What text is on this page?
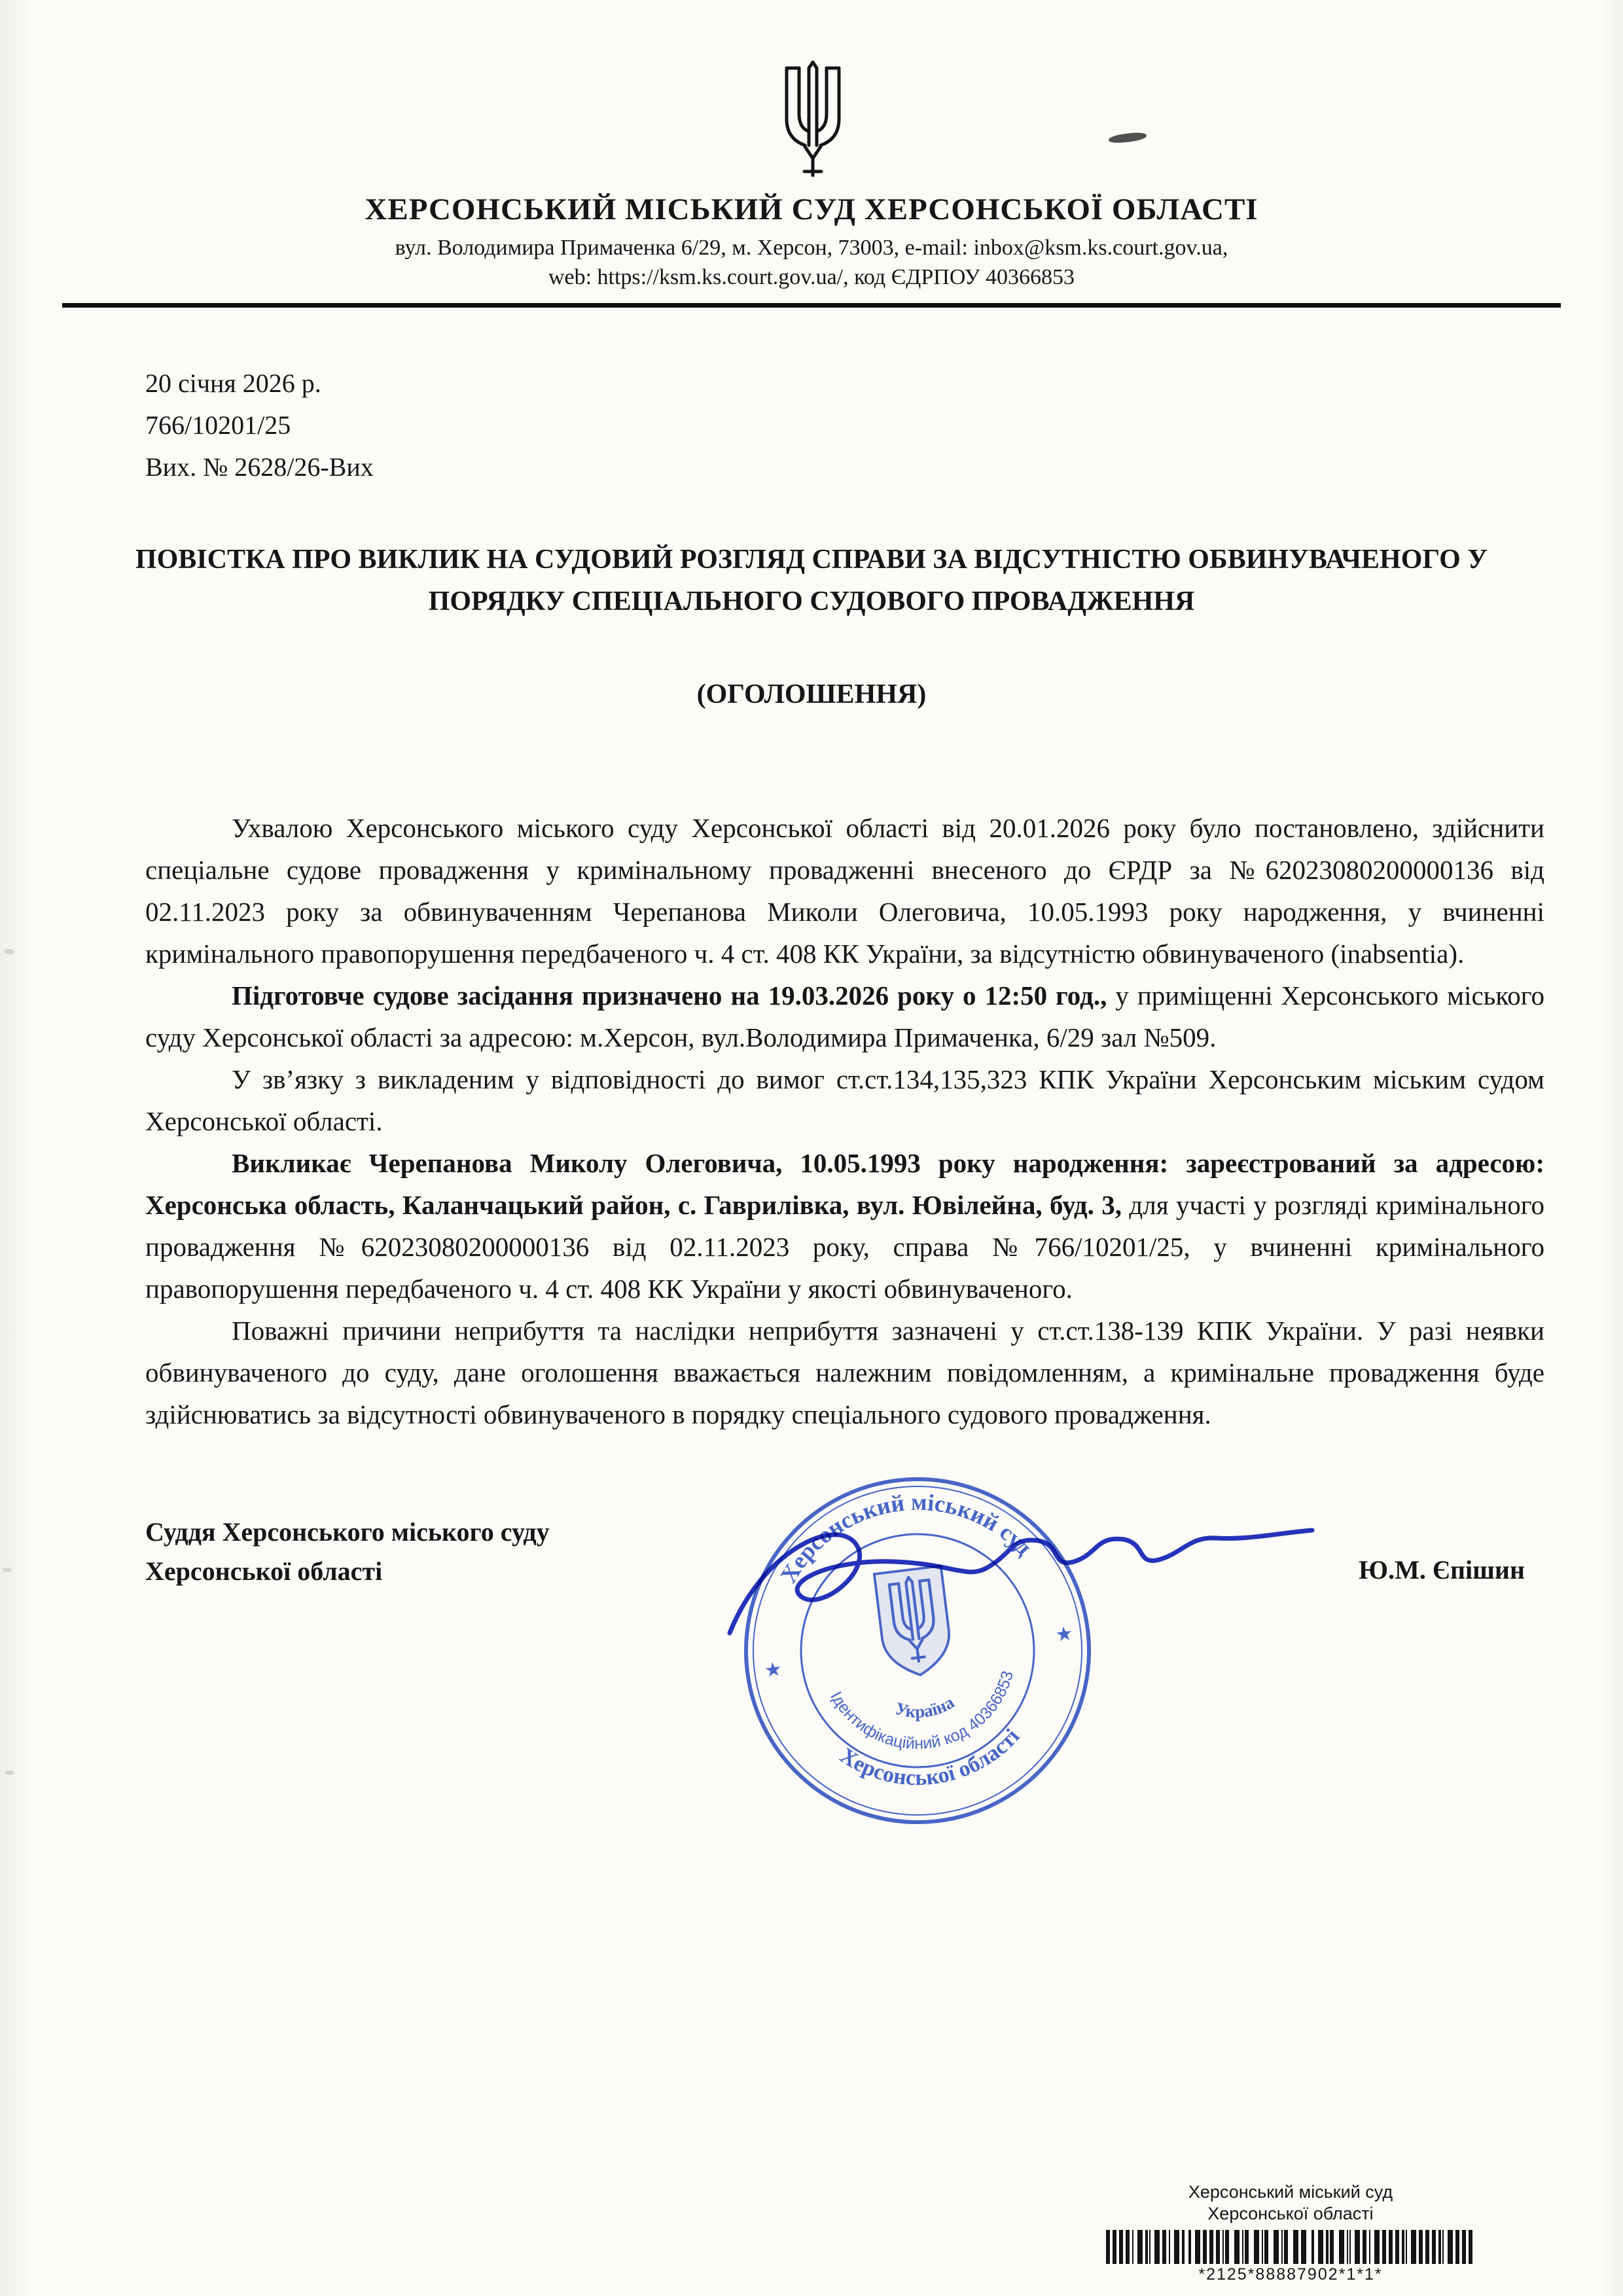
ХЕРСОНСЬКИЙ МІСЬКИЙ СУД ХЕРСОНСЬКОЇ ОБЛАСТІ
вул. Володимира Примаченка 6/29, м. Херсон, 73003, e-mail: inbox@ksm.ks.court.gov.ua,
web: https://ksm.ks.court.gov.ua/, код ЄДРПОУ 40366853
20 січня 2026 р.
766/10201/25
Вих. № 2628/26-Вих
ПОВІСТКА ПРО ВИКЛИК НА СУДОВИЙ РОЗГЛЯД СПРАВИ ЗА ВІДСУТНІСТЮ ОБВИНУВАЧЕНОГО У ПОРЯДКУ СПЕЦІАЛЬНОГО СУДОВОГО ПРОВАДЖЕННЯ
(ОГОЛОШЕННЯ)

Ухвалою Херсонського міського суду Херсонської області від 20.01.2026 року було постановлено, здійснити спеціальне судове провадження у кримінальному провадженні внесеного до ЄРДР за №62023080200000136 від 02.11.2023 року за обвинуваченням Черепанова Миколи Олеговича, 10.05.1993 року народження, у вчиненні кримінального правопорушення передбаченого ч. 4 ст. 408 КК України, за відсутністю обвинуваченого (inabsentia).

Підготовче судове засідання призначено на 19.03.2026 року о 12:50 год., у приміщенні Херсонського міського суду Херсонської області за адресою: м.Херсон, вул.Володимира Примаченка, 6/29 зал №509.

У зв’язку з викладеним у відповідності до вимог ст.ст.134,135,323 КПК України Херсонським міським судом Херсонської області.

Викликає Черепанова Миколу Олеговича, 10.05.1993 року народження: зареєстрований за адресою: Херсонська область, Каланчацький район, с. Гаврилівка, вул. Ювілейна, буд. 3, для участі у розгляді кримінального провадження №62023080200000136 від 02.11.2023 року, справа №766/10201/25, у вчиненні кримінального правопорушення передбаченого ч. 4 ст. 408 КК України у якості обвинуваченого.

Поважні причини неприбуття та наслідки неприбуття зазначені у ст.ст.138-139 КПК України. У разі неявки обвинуваченого до суду, дане оголошення вважається належним повідомленням, а кримінальне провадження буде здійснюватись за відсутності обвинуваченого в порядку спеціального судового провадження.

Суддя Херсонського міського суду
Херсонської області	Ю.М. Єпішин
Херсонський міський суд
Херсонської області
★
★
Ідентифікаційний код 40366853
Україна
Херсонський міський суд
Херсонської області
*2125*88887902*1*1*
